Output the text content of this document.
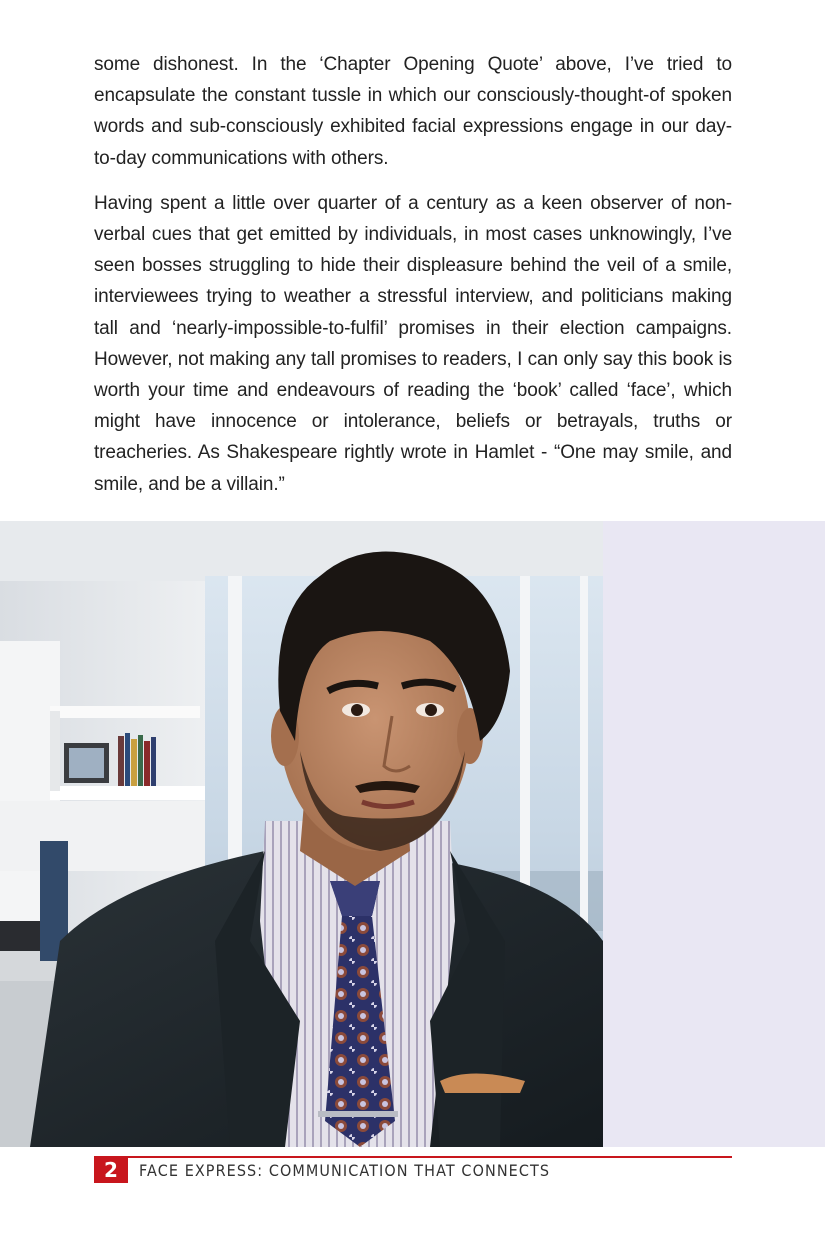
some dishonest. In the ‘Chapter Opening Quote’ above, I’ve tried to encapsulate the constant tussle in which our consciously-thought-of spoken words and sub-consciously exhibited facial expressions engage in our day-to-day communications with others.

Having spent a little over quarter of a century as a keen observer of non-verbal cues that get emitted by individuals, in most cases unknowingly, I’ve seen bosses struggling to hide their displeasure behind the veil of a smile, interviewees trying to weather a stressful interview, and politicians making tall and ‘nearly-impossible-to-fulfil’ promises in their election campaigns. However, not making any tall promises to readers, I can only say this book is worth your time and endeavours of reading the ‘book’ called ‘face’, which might have innocence or intolerance, beliefs or betrayals, truths or treacheries. As Shakespeare rightly wrote in Hamlet - “One may smile, and smile, and be a villain.”

2	FACE EXPRESS: COMMUNICATION THAT CONNECTS
